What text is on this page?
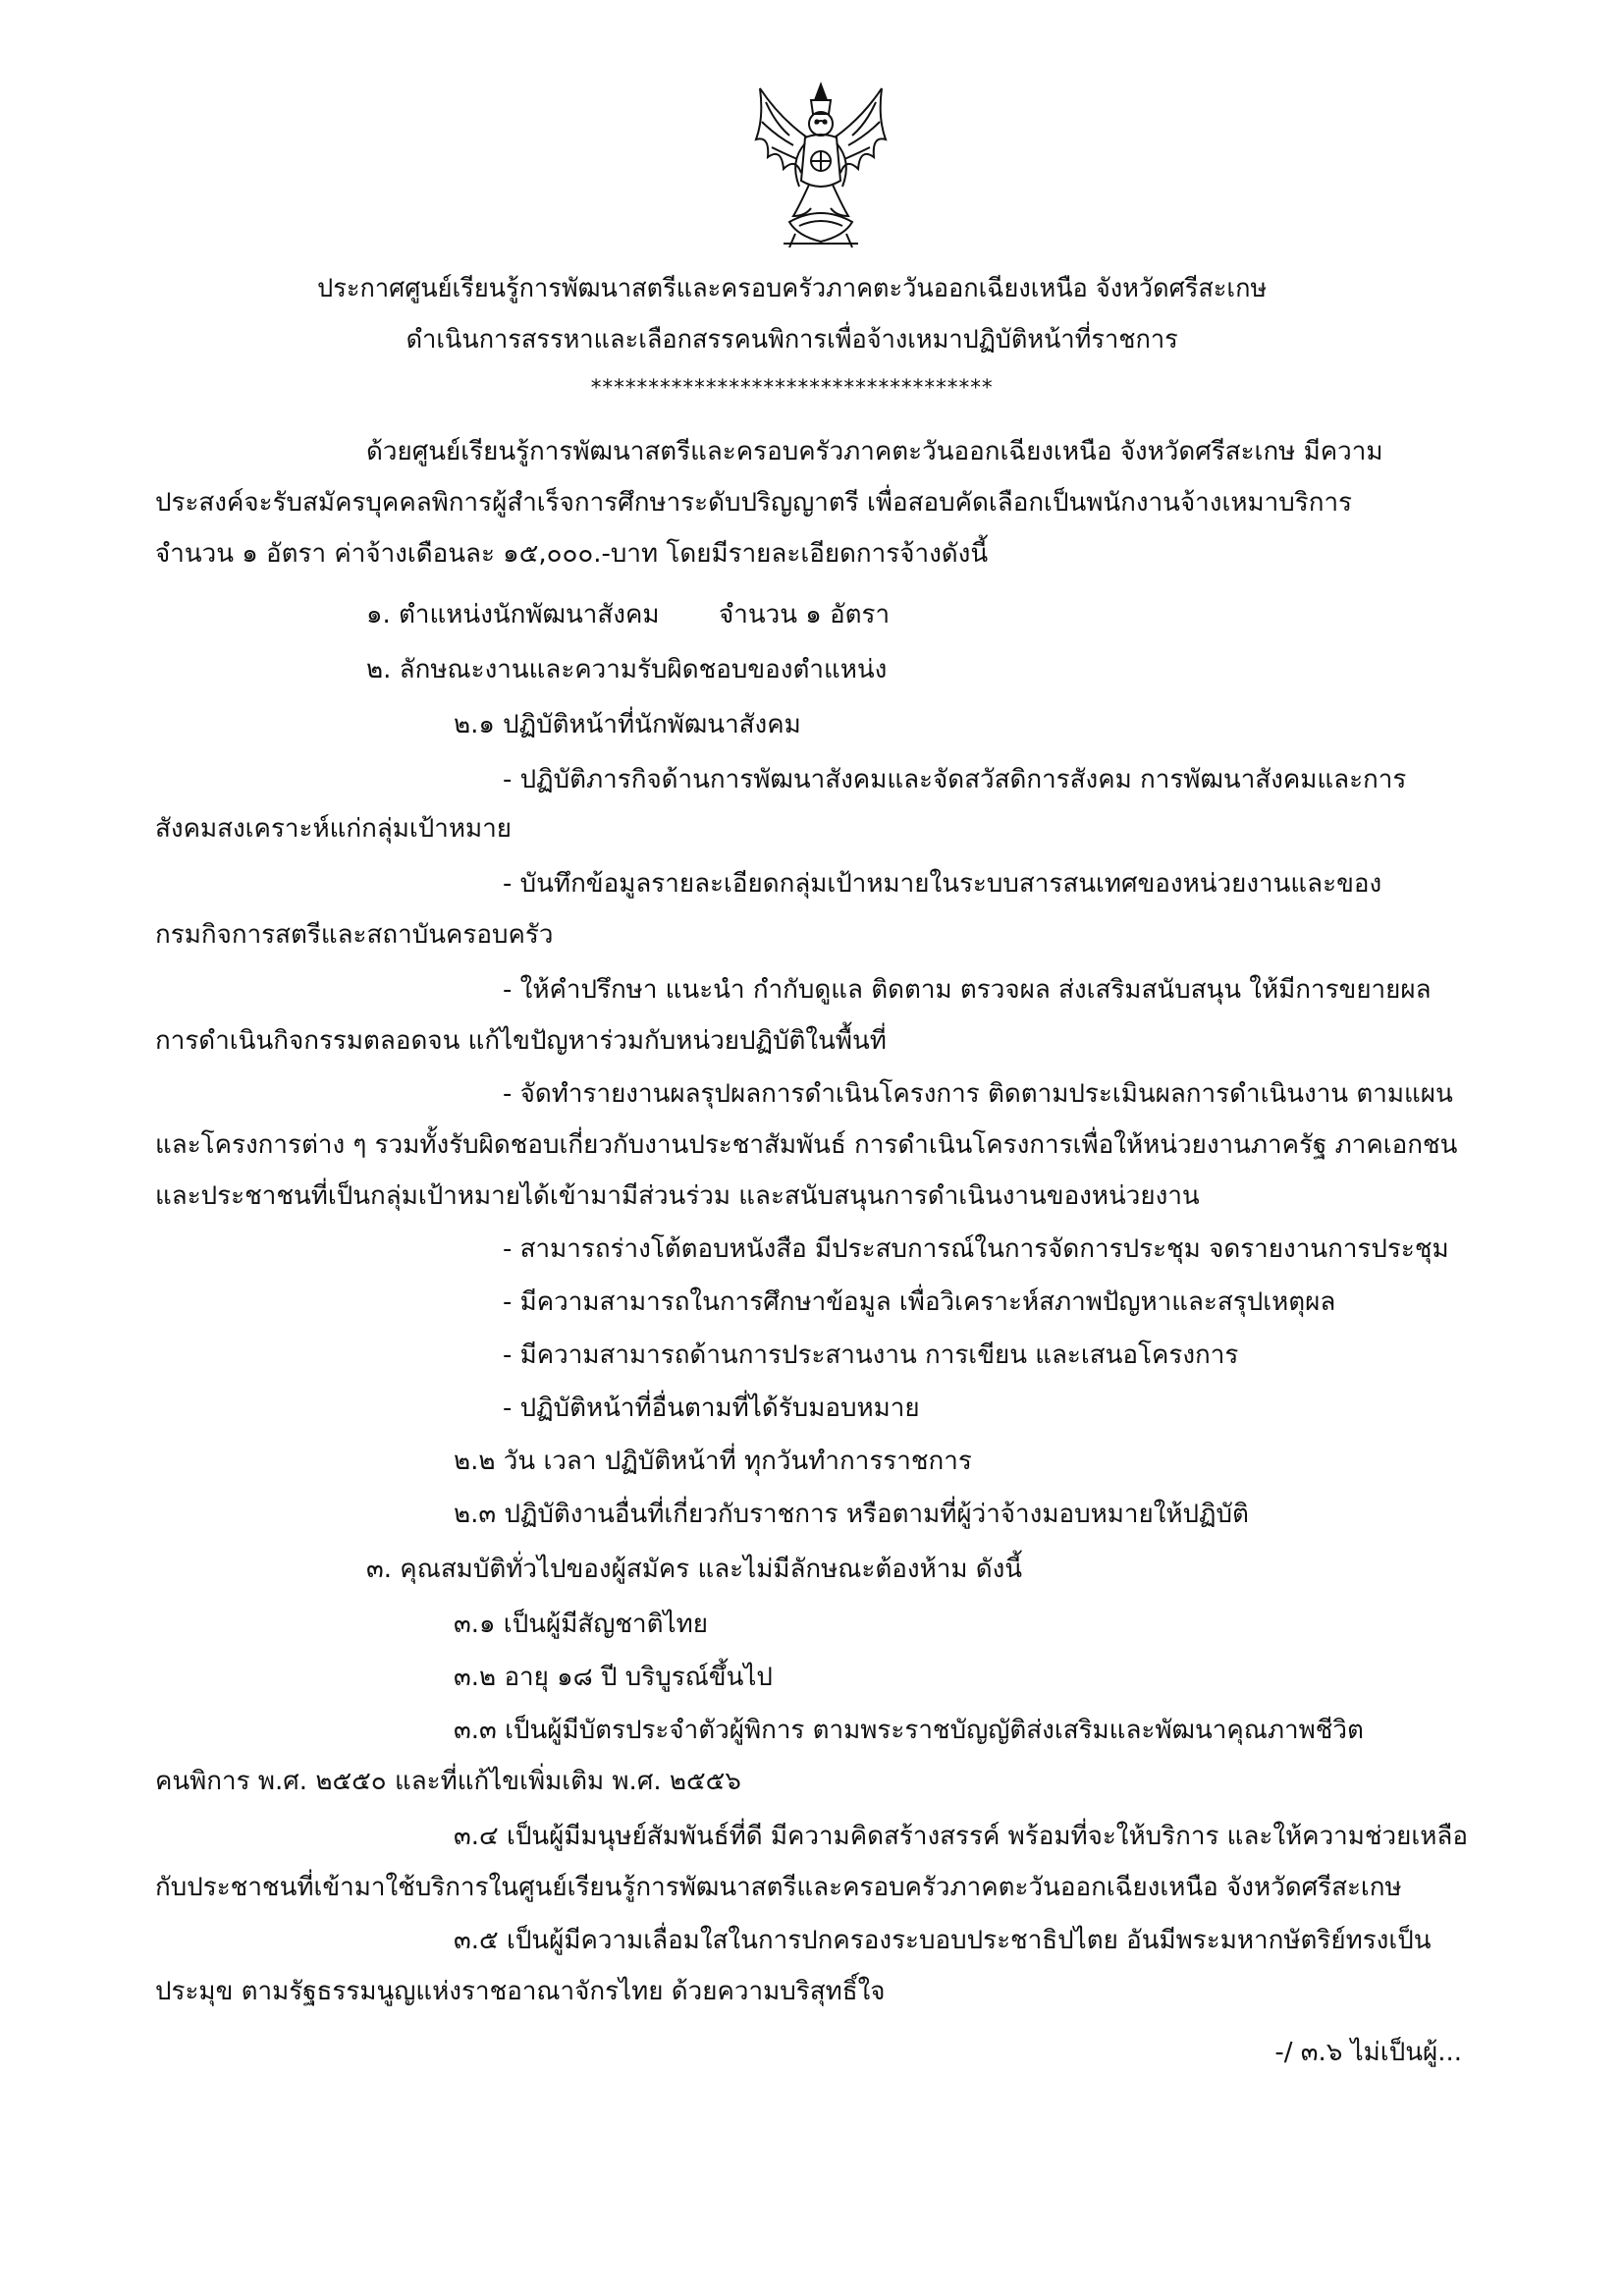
ประกาศศูนย์เรียนรู้การพัฒนาสตรีและครอบครัวภาคตะวันออกเฉียงเหนือ จังหวัดศรีสะเกษ
ดำเนินการสรรหาและเลือกสรรคนพิการเพื่อจ้างเหมาปฏิบัติหน้าที่ราชการ
***********************************
ด้วยศูนย์เรียนรู้การพัฒนาสตรีและครอบครัวภาคตะวันออกเฉียงเหนือ จังหวัดศรีสะเกษ มีความ
ประสงค์จะรับสมัครบุคคลพิการผู้สำเร็จการศึกษาระดับปริญญาตรี เพื่อสอบคัดเลือกเป็นพนักงานจ้างเหมาบริการ
จำนวน ๑ อัตรา ค่าจ้างเดือนละ ๑๕,๐๐๐.-บาท โดยมีรายละเอียดการจ้างดังนี้
๑. ตำแหน่งนักพัฒนาสังคม จำนวน ๑ อัตรา
๒. ลักษณะงานและความรับผิดชอบของตำแหน่ง
๒.๑ ปฏิบัติหน้าที่นักพัฒนาสังคม
- ปฏิบัติภารกิจด้านการพัฒนาสังคมและจัดสวัสดิการสังคม การพัฒนาสังคมและการ
สังคมสงเคราะห์แก่กลุ่มเป้าหมาย
- บันทึกข้อมูลรายละเอียดกลุ่มเป้าหมายในระบบสารสนเทศของหน่วยงานและของ
กรมกิจการสตรีและสถาบันครอบครัว
- ให้คำปรึกษา แนะนำ กำกับดูแล ติดตาม ตรวจผล ส่งเสริมสนับสนุน ให้มีการขยายผล
การดำเนินกิจกรรมตลอดจน แก้ไขปัญหาร่วมกับหน่วยปฏิบัติในพื้นที่
- จัดทำรายงานผลรุปผลการดำเนินโครงการ ติดตามประเมินผลการดำเนินงาน ตามแผน
และโครงการต่าง ๆ รวมทั้งรับผิดชอบเกี่ยวกับงานประชาสัมพันธ์ การดำเนินโครงการเพื่อให้หน่วยงานภาครัฐ ภาคเอกชน
และประชาชนที่เป็นกลุ่มเป้าหมายได้เข้ามามีส่วนร่วม และสนับสนุนการดำเนินงานของหน่วยงาน
- สามารถร่างโต้ตอบหนังสือ มีประสบการณ์ในการจัดการประชุม จดรายงานการประชุม
- มีความสามารถในการศึกษาข้อมูล เพื่อวิเคราะห์สภาพปัญหาและสรุปเหตุผล
- มีความสามารถด้านการประสานงาน การเขียน และเสนอโครงการ
- ปฏิบัติหน้าที่อื่นตามที่ได้รับมอบหมาย
๒.๒ วัน เวลา ปฏิบัติหน้าที่ ทุกวันทำการราชการ
๒.๓ ปฏิบัติงานอื่นที่เกี่ยวกับราชการ หรือตามที่ผู้ว่าจ้างมอบหมายให้ปฏิบัติ
๓. คุณสมบัติทั่วไปของผู้สมัคร และไม่มีลักษณะต้องห้าม ดังนี้
๓.๑ เป็นผู้มีสัญชาติไทย
๓.๒ อายุ ๑๘ ปี บริบูรณ์ขึ้นไป
๓.๓ เป็นผู้มีบัตรประจำตัวผู้พิการ ตามพระราชบัญญัติส่งเสริมและพัฒนาคุณภาพชีวิต
คนพิการ พ.ศ. ๒๕๕๐ และที่แก้ไขเพิ่มเติม พ.ศ. ๒๕๕๖
๓.๔ เป็นผู้มีมนุษย์สัมพันธ์ที่ดี มีความคิดสร้างสรรค์ พร้อมที่จะให้บริการ และให้ความช่วยเหลือ
กับประชาชนที่เข้ามาใช้บริการในศูนย์เรียนรู้การพัฒนาสตรีและครอบครัวภาคตะวันออกเฉียงเหนือ จังหวัดศรีสะเกษ
๓.๕ เป็นผู้มีความเลื่อมใสในการปกครองระบอบประชาธิปไตย อันมีพระมหากษัตริย์ทรงเป็น
ประมุข ตามรัฐธรรมนูญแห่งราชอาณาจักรไทย ด้วยความบริสุทธิ์ใจ
-/ ๓.๖ ไม่เป็นผู้...
